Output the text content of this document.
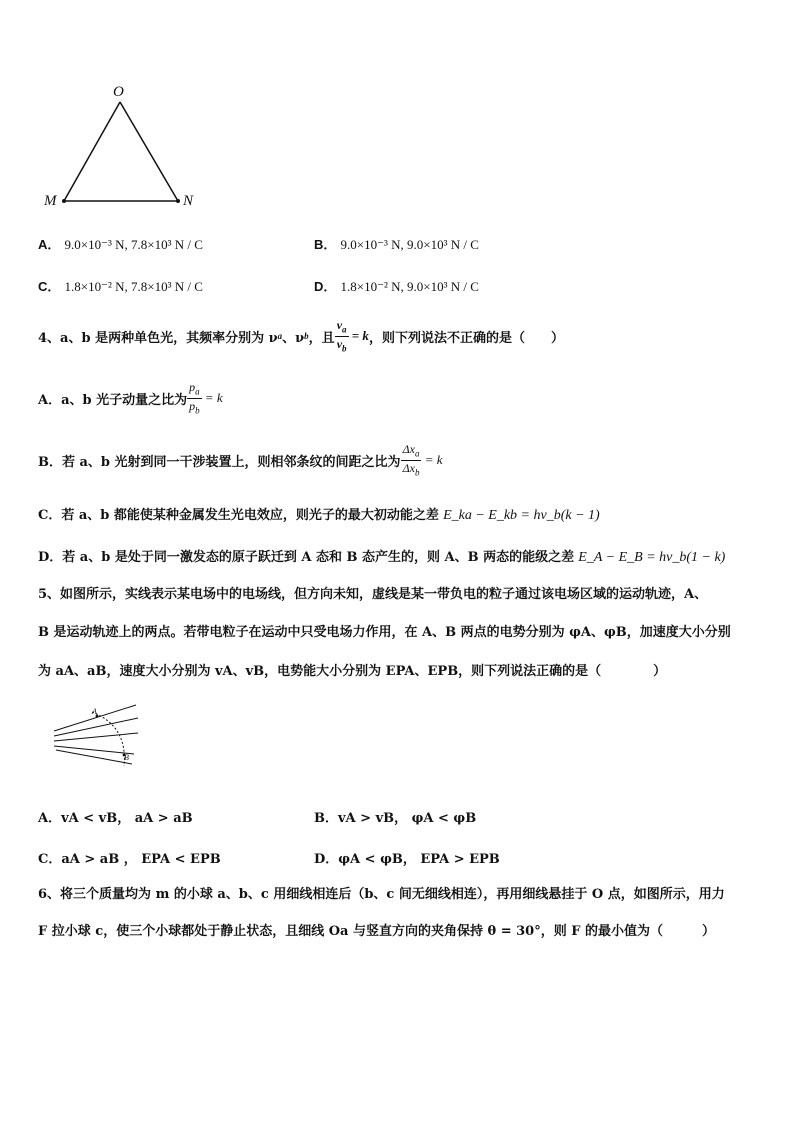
O
M	N
A． 9.0×10⁻³ N, 7.8×10³ N / C	B． 9.0×10⁻³ N, 9.0×10³ N / C
C． 1.8×10⁻² N, 7.8×10³ N / C	D． 1.8×10⁻² N, 9.0×10³ N / C
4、a、b 是两种单色光，其频率分别为 ν a 、ν b ，且 $\frac{\nu_a}{\nu_b} = k$ ，则下列说法不正确的是（　　）
A．a、b 光子动量之比为 $\frac{p_a}{p_b} = k$
B．若 a、b 光射到同一干涉装置上，则相邻条纹的间距之比为 $\frac{\Delta x_a}{\Delta x_b} = k$
C．若 a、b 都能使某种金属发生光电效应，则光子的最大初动能之差 E_ka − E_kb = hν_b(k − 1)
D．若 a、b 是处于同一激发态的原子跃迁到 A 态和 B 态产生的，则 A、B 两态的能级之差 E_A − E_B = hν_b(1 − k)
5、如图所示，实线表示某电场中的电场线，但方向未知，虚线是某一带负电的粒子通过该电场区域的运动轨迹，A、
B 是运动轨迹上的两点。若带电粒子在运动中只受电场力作用，在 A、B 两点的电势分别为 φA、φB，加速度大小分别
为 aA、aB，速度大小分别为 vA、vB，电势能大小分别为 EPA、EPB，则下列说法正确的是（　　　　）
A
B
A．vA < vB， aA > aB	B．vA > vB， φA < φB
C．aA > aB ， EPA < EPB	D．φA < φB， EPA > EPB
6、将三个质量均为 m 的小球 a、b、c 用细线相连后（b、c 间无细线相连），再用细线悬挂于 O 点，如图所示，用力
F 拉小球 c，使三个小球都处于静止状态，且细线 Oa 与竖直方向的夹角保持 θ = 30°，则 F 的最小值为（　　　）
